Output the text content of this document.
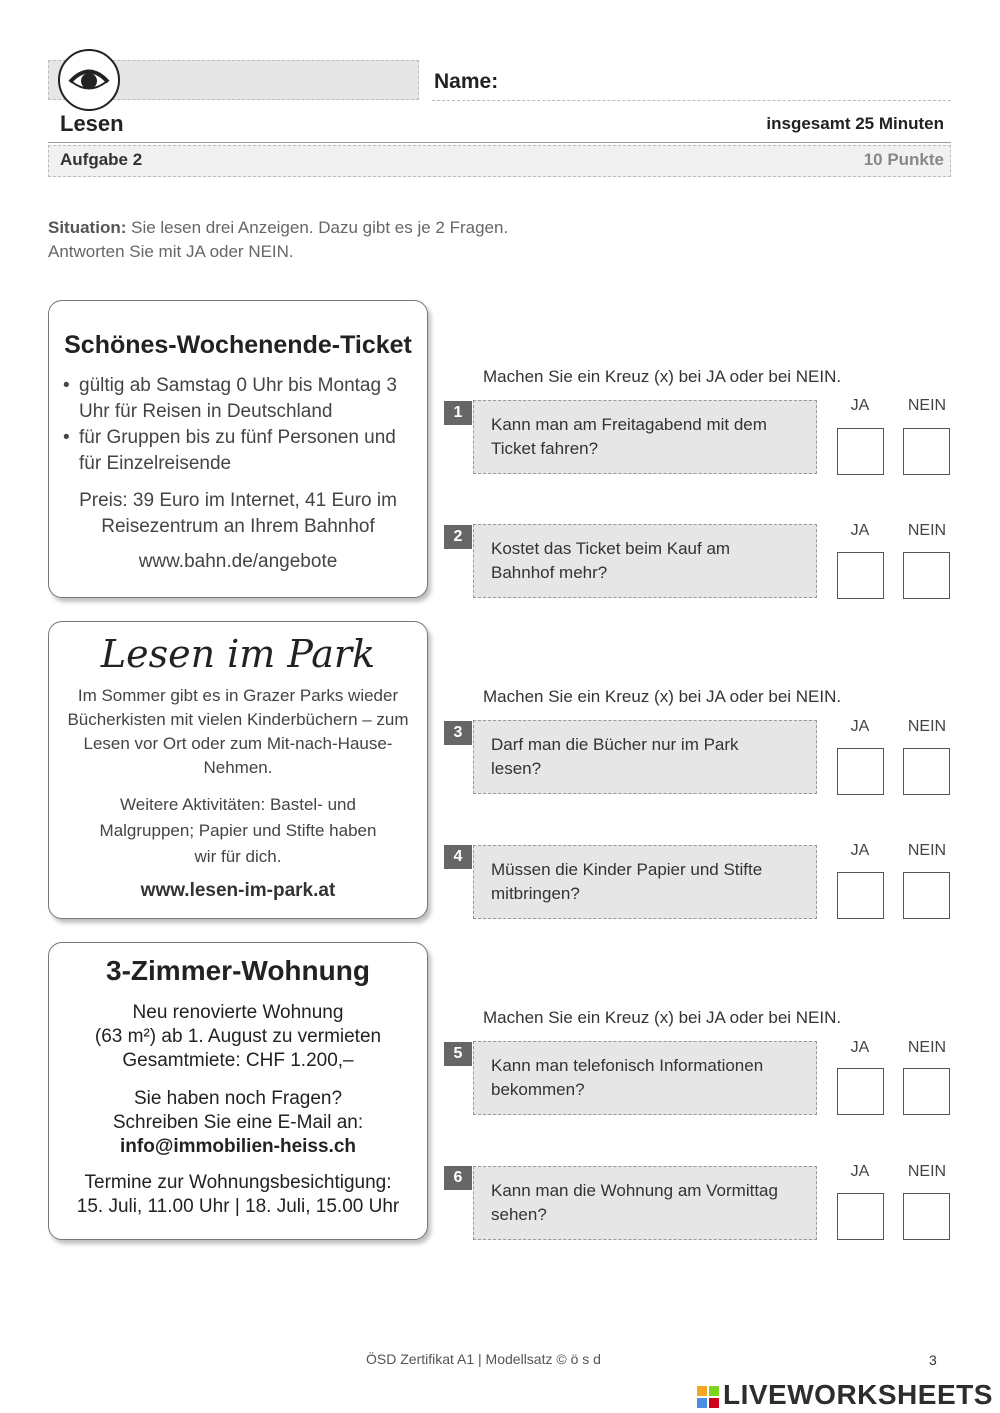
Name:
Lesen	insgesamt 25 Minuten
Aufgabe 2	10 Punkte
Situation: Sie lesen drei Anzeigen. Dazu gibt es je 2 Fragen.
Antworten Sie mit JA oder NEIN.
Schönes-Wochenende-Ticket
• gültig ab Samstag 0 Uhr bis Montag 3 Uhr für Reisen in Deutschland
• für Gruppen bis zu fünf Personen und für Einzelreisende
Preis: 39 Euro im Internet, 41 Euro im Reisezentrum an Ihrem Bahnhof
www.bahn.de/angebote
Lesen im Park
Im Sommer gibt es in Grazer Parks wieder Bücherkisten mit vielen Kinderbüchern – zum Lesen vor Ort oder zum Mit-nach-Hause-Nehmen.
Weitere Aktivitäten: Bastel- und Malgruppen; Papier und Stifte haben wir für dich.
www.lesen-im-park.at
3-Zimmer-Wohnung
Neu renovierte Wohnung
(63 m²) ab 1. August zu vermieten
Gesamtmiete: CHF 1.200,–
Sie haben noch Fragen?
Schreiben Sie eine E-Mail an:
info@immobilien-heiss.ch
Termine zur Wohnungsbesichtigung:
15. Juli, 11.00 Uhr | 18. Juli, 15.00 Uhr
Machen Sie ein Kreuz (x) bei JA oder bei NEIN.
Machen Sie ein Kreuz (x) bei JA oder bei NEIN.
Machen Sie ein Kreuz (x) bei JA oder bei NEIN.
1
Kann man am Freitagabend mit dem Ticket fahren?
JA	NEIN
2
Kostet das Ticket beim Kauf am Bahnhof mehr?
JA	NEIN
3
Darf man die Bücher nur im Park lesen?
JA	NEIN
4
Müssen die Kinder Papier und Stifte mitbringen?
JA	NEIN
5
Kann man telefonisch Informationen bekommen?
JA	NEIN
6
Kann man die Wohnung am Vormittag sehen?
JA	NEIN
ÖSD Zertifikat A1 | Modellsatz © ö s d	3
LIVEWORKSHEETS
